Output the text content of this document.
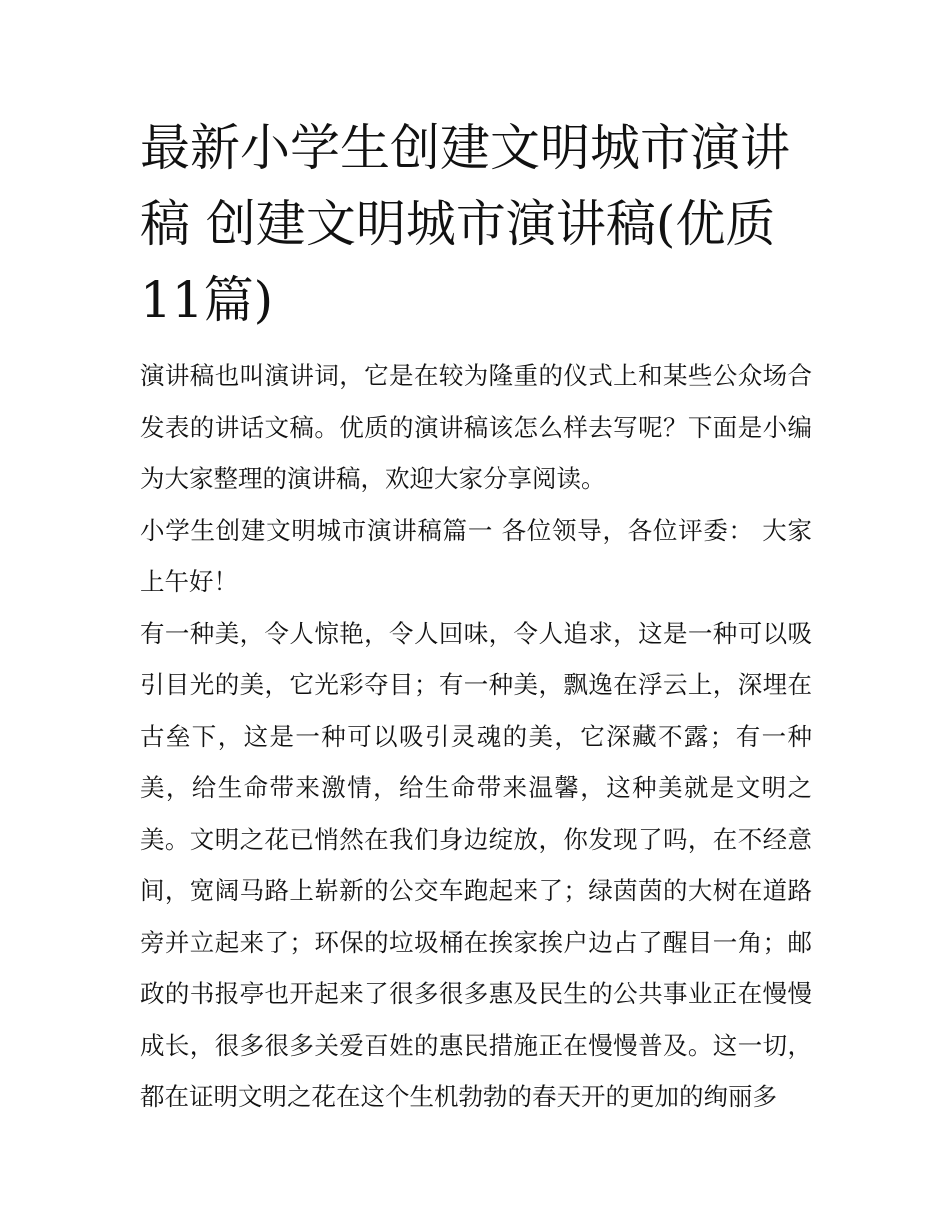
最新小学生创建文明城市演讲稿 创建文明城市演讲稿(优质11篇)

演讲稿也叫演讲词，它是在较为隆重的仪式上和某些公众场合发表的讲话文稿。优质的演讲稿该怎么样去写呢？下面是小编为大家整理的演讲稿，欢迎大家分享阅读。

小学生创建文明城市演讲稿篇一 各位领导，各位评委： 大家上午好！

有一种美，令人惊艳，令人回味，令人追求，这是一种可以吸引目光的美，它光彩夺目；有一种美，飘逸在浮云上，深埋在古垒下，这是一种可以吸引灵魂的美，它深藏不露；有一种美，给生命带来激情，给生命带来温馨，这种美就是文明之美。文明之花已悄然在我们身边绽放，你发现了吗，在不经意间，宽阔马路上崭新的公交车跑起来了；绿茵茵的大树在道路旁并立起来了；环保的垃圾桶在挨家挨户边占了醒目一角；邮政的书报亭也开起来了很多很多惠及民生的公共事业正在慢慢成长，很多很多关爱百姓的惠民措施正在慢慢普及。这一切，都在证明文明之花在这个生机勃勃的春天开的更加的绚丽多
